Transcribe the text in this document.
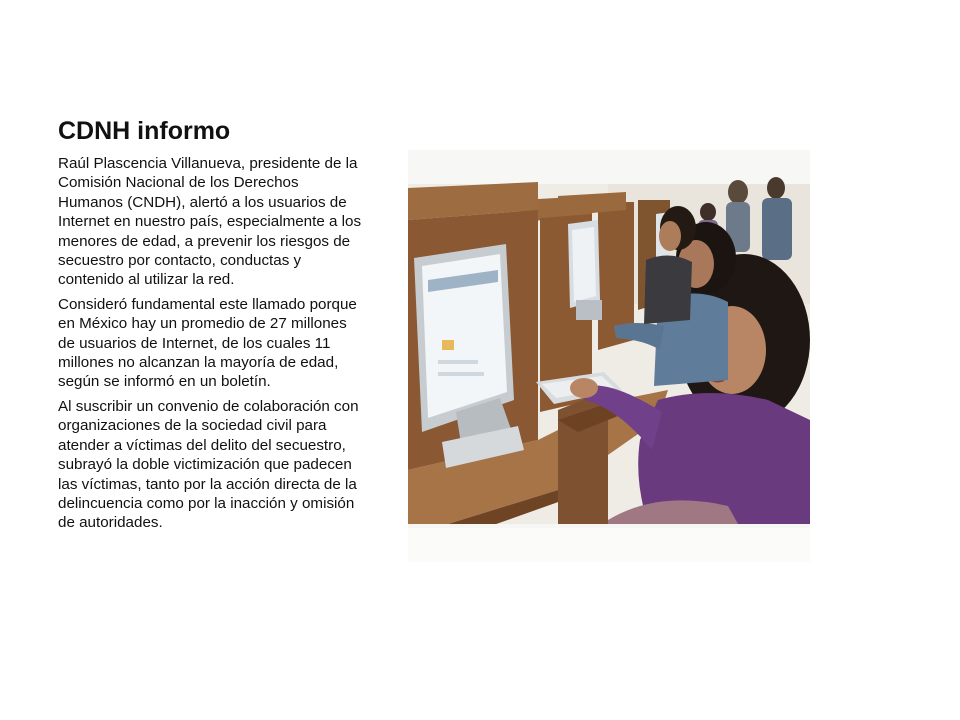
CDNH informo

Raúl Plascencia Villanueva, presidente de la Comisión Nacional de los Derechos Humanos (CNDH), alertó a los usuarios de Internet en nuestro país, especialmente a los menores de edad, a prevenir los riesgos de secuestro por contacto, conductas y contenido al utilizar la red.

Consideró fundamental este llamado porque en México hay un promedio de 27 millones de usuarios de Internet, de los cuales 11 millones no alcanzan la mayoría de edad, según se informó en un boletín.

Al suscribir un convenio de colaboración con organizaciones de la sociedad civil para atender a víctimas del delito del secuestro, subrayó la doble victimización que padecen las víctimas, tanto por la acción directa de la delincuencia como por la inacción y omisión de autoridades.
